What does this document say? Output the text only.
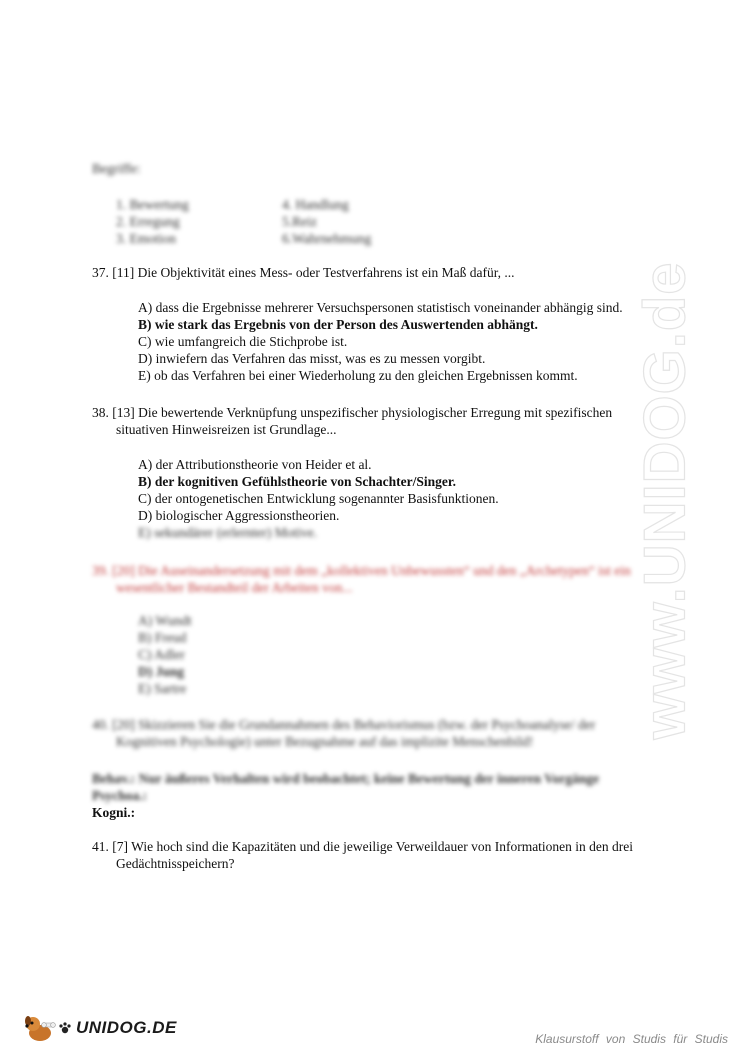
www.UNIDOG.de
Begriffe:
1. Bewertung
2. Erregung
3. Emotion
4. Handlung
5.Reiz
6.Wahrnehmung
37. [11] Die Objektivität eines Mess- oder Testverfahrens ist ein Maß dafür, ...
A) dass die Ergebnisse mehrerer Versuchspersonen statistisch voneinander abhängig sind.
B) wie stark das Ergebnis von der Person des Auswertenden abhängt.
C) wie umfangreich die Stichprobe ist.
D) inwiefern das Verfahren das misst, was es zu messen vorgibt.
E) ob das Verfahren bei einer Wiederholung zu den gleichen Ergebnissen kommt.
38. [13] Die bewertende Verknüpfung unspezifischer physiologischer Erregung mit spezifischen
situativen Hinweisreizen ist Grundlage...
A) der Attributionstheorie von Heider et al.
B) der kognitiven Gefühlstheorie von Schachter/Singer.
C) der ontogenetischen Entwicklung sogenannter Basisfunktionen.
D) biologischer Aggressionstheorien.
E) sekundärer (erlernter) Motive.
39. [20] Die Auseinandersetzung mit dem „kollektiven Unbewussten“ und den „Archetypen“ ist ein
wesentlicher Bestandteil der Arbeiten von...
A) Wundt
B) Freud
C) Adler
D) Jung
E) Sartre
40. [20] Skizzieren Sie die Grundannahmen des Behaviorismus (bzw. der Psychoanalyse/ der
Kognitiven Psychologie) unter Bezugnahme auf das implizite Menschenbild!
Behav.: Nur äußeres Verhalten wird beobachtet; keine Bewertung der inneren Vorgänge
Psychoa.:
Kogni.:
41. [7] Wie hoch sind die Kapazitäten und die jeweilige Verweildauer von Informationen in den drei
Gedächtnisspeichern?
UNIDOG.DE
Klausurstoff von Studis für Studis
